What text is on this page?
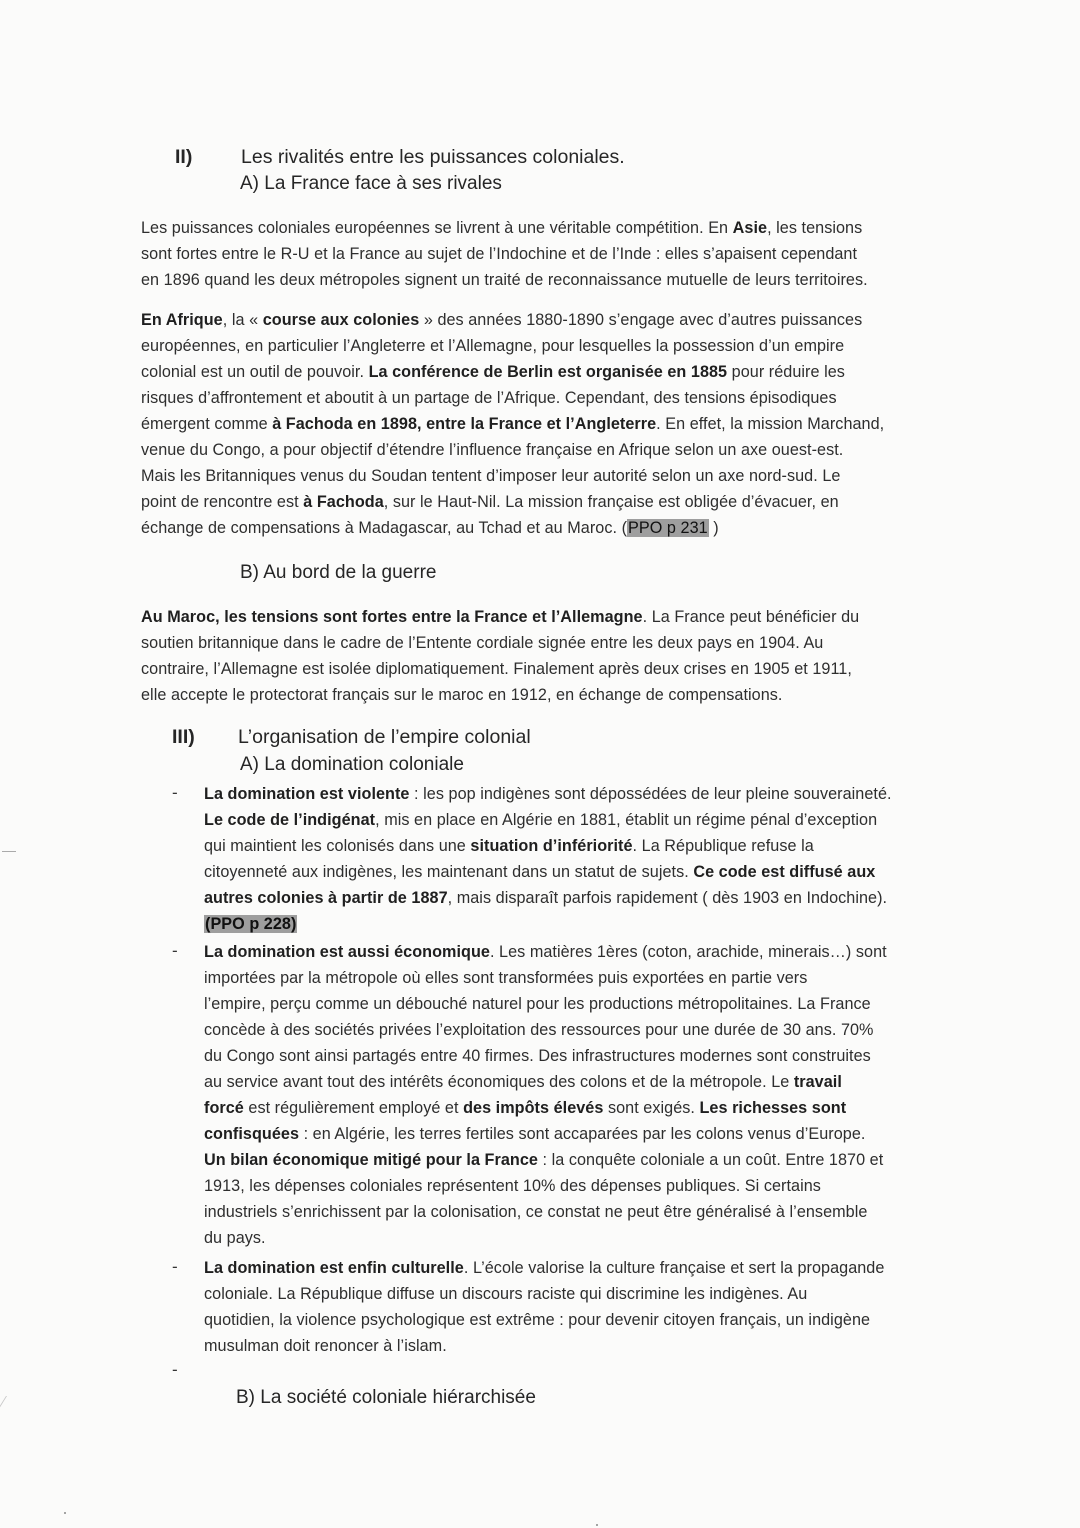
II) Les rivalités entre les puissances coloniales.
A) La France face à ses rivales
Les puissances coloniales européennes se livrent à une véritable compétition. En Asie, les tensions
sont fortes entre le R-U et la France au sujet de l’Indochine et de l’Inde : elles s’apaisent cependant
en 1896 quand les deux métropoles signent un traité de reconnaissance mutuelle de leurs territoires.
En Afrique, la « course aux colonies » des années 1880-1890 s’engage avec d’autres puissances
européennes, en particulier l’Angleterre et l’Allemagne, pour lesquelles la possession d’un empire
colonial est un outil de pouvoir. La conférence de Berlin est organisée en 1885 pour réduire les
risques d’affrontement et aboutit à un partage de l’Afrique. Cependant, des tensions épisodiques
émergent comme à Fachoda en 1898, entre la France et l’Angleterre. En effet, la mission Marchand,
venue du Congo, a pour objectif d’étendre l’influence française en Afrique selon un axe ouest-est.
Mais les Britanniques venus du Soudan tentent d’imposer leur autorité selon un axe nord-sud. Le
point de rencontre est à Fachoda, sur le Haut-Nil. La mission française est obligée d’évacuer, en
échange de compensations à Madagascar, au Tchad et au Maroc. (PPO p 231 )
B) Au bord de la guerre
Au Maroc, les tensions sont fortes entre la France et l’Allemagne. La France peut bénéficier du
soutien britannique dans le cadre de l’Entente cordiale signée entre les deux pays en 1904. Au
contraire, l’Allemagne est isolée diplomatiquement. Finalement après deux crises en 1905 et 1911,
elle accepte le protectorat français sur le maroc en 1912, en échange de compensations.
III) L’organisation de l’empire colonial
A) La domination coloniale
- La domination est violente : les pop indigènes sont dépossédées de leur pleine souveraineté.
Le code de l’indigénat, mis en place en Algérie en 1881, établit un régime pénal d’exception
qui maintient les colonisés dans une situation d’infériorité. La République refuse la
citoyenneté aux indigènes, les maintenant dans un statut de sujets. Ce code est diffusé aux
autres colonies à partir de 1887, mais disparaît parfois rapidement ( dès 1903 en Indochine).
(PPO p 228)
- La domination est aussi économique. Les matières 1ères (coton, arachide, minerais…) sont
importées par la métropole où elles sont transformées puis exportées en partie vers
l’empire, perçu comme un débouché naturel pour les productions métropolitaines. La France
concède à des sociétés privées l’exploitation des ressources pour une durée de 30 ans. 70%
du Congo sont ainsi partagés entre 40 firmes. Des infrastructures modernes sont construites
au service avant tout des intérêts économiques des colons et de la métropole. Le travail
forcé est régulièrement employé et des impôts élevés sont exigés. Les richesses sont
confisquées : en Algérie, les terres fertiles sont accaparées par les colons venus d’Europe.
Un bilan économique mitigé pour la France : la conquête coloniale a un coût. Entre 1870 et
1913, les dépenses coloniales représentent 10% des dépenses publiques. Si certains
industriels s’enrichissent par la colonisation, ce constat ne peut être généralisé à l’ensemble
du pays.
- La domination est enfin culturelle. L’école valorise la culture française et sert la propagande
coloniale. La République diffuse un discours raciste qui discrimine les indigènes. Au
quotidien, la violence psychologique est extrême : pour devenir citoyen français, un indigène
musulman doit renoncer à l’islam.
-
B) La société coloniale hiérarchisée
